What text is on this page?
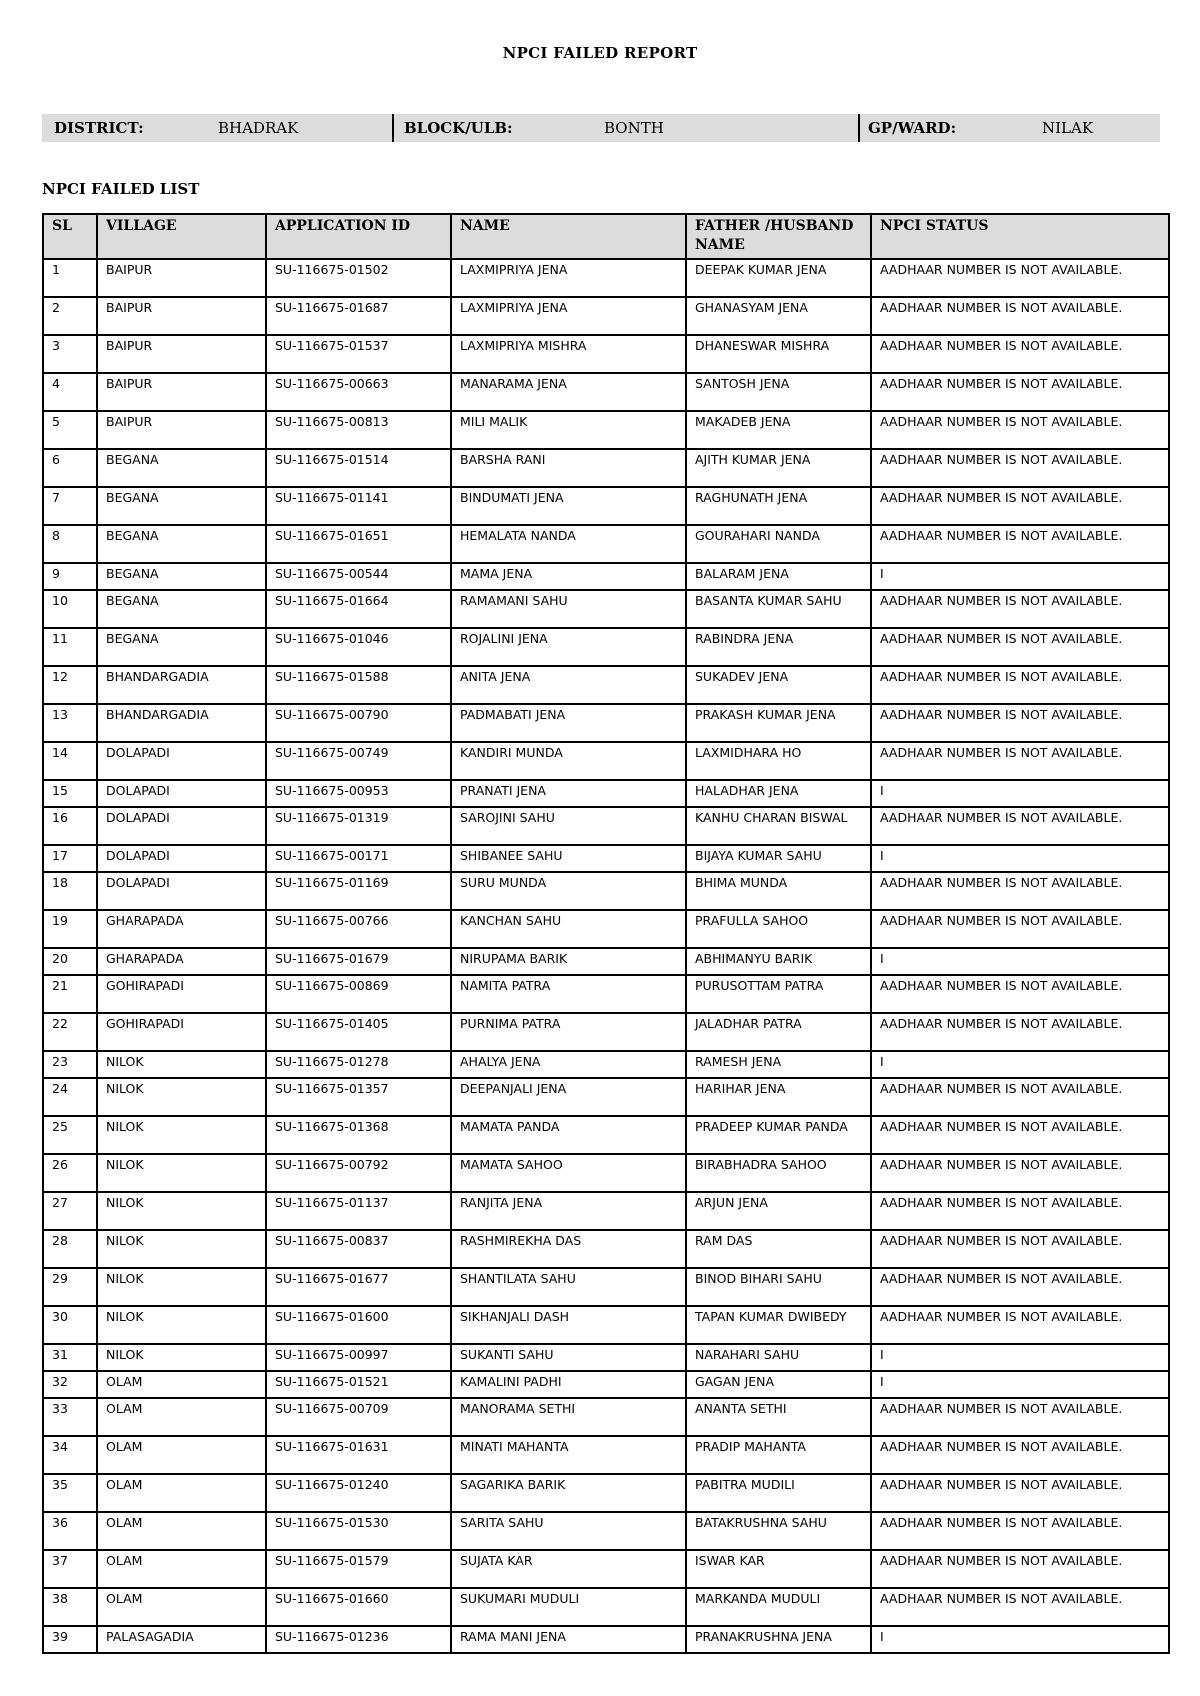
NPCI FAILED REPORT
DISTRICT:	BHADRAK	BLOCK/ULB:	BONTH	GP/WARD:	NILAK
NPCI FAILED LIST
SL	VILLAGE	APPLICATION ID	NAME	FATHER /HUSBAND NAME	NPCI STATUS
1	BAIPUR	SU-116675-01502	LAXMIPRIYA JENA	DEEPAK KUMAR JENA	AADHAAR NUMBER IS NOT AVAILABLE.
2	BAIPUR	SU-116675-01687	LAXMIPRIYA JENA	GHANASYAM JENA	AADHAAR NUMBER IS NOT AVAILABLE.
3	BAIPUR	SU-116675-01537	LAXMIPRIYA MISHRA	DHANESWAR MISHRA	AADHAAR NUMBER IS NOT AVAILABLE.
4	BAIPUR	SU-116675-00663	MANARAMA JENA	SANTOSH JENA	AADHAAR NUMBER IS NOT AVAILABLE.
5	BAIPUR	SU-116675-00813	MILI MALIK	MAKADEB JENA	AADHAAR NUMBER IS NOT AVAILABLE.
6	BEGANA	SU-116675-01514	BARSHA RANI	AJITH KUMAR JENA	AADHAAR NUMBER IS NOT AVAILABLE.
7	BEGANA	SU-116675-01141	BINDUMATI JENA	RAGHUNATH JENA	AADHAAR NUMBER IS NOT AVAILABLE.
8	BEGANA	SU-116675-01651	HEMALATA NANDA	GOURAHARI NANDA	AADHAAR NUMBER IS NOT AVAILABLE.
9	BEGANA	SU-116675-00544	MAMA JENA	BALARAM JENA	I
10	BEGANA	SU-116675-01664	RAMAMANI SAHU	BASANTA KUMAR SAHU	AADHAAR NUMBER IS NOT AVAILABLE.
11	BEGANA	SU-116675-01046	ROJALINI JENA	RABINDRA JENA	AADHAAR NUMBER IS NOT AVAILABLE.
12	BHANDARGADIA	SU-116675-01588	ANITA JENA	SUKADEV JENA	AADHAAR NUMBER IS NOT AVAILABLE.
13	BHANDARGADIA	SU-116675-00790	PADMABATI JENA	PRAKASH KUMAR JENA	AADHAAR NUMBER IS NOT AVAILABLE.
14	DOLAPADI	SU-116675-00749	KANDIRI MUNDA	LAXMIDHARA HO	AADHAAR NUMBER IS NOT AVAILABLE.
15	DOLAPADI	SU-116675-00953	PRANATI JENA	HALADHAR JENA	I
16	DOLAPADI	SU-116675-01319	SAROJINI SAHU	KANHU CHARAN BISWAL	AADHAAR NUMBER IS NOT AVAILABLE.
17	DOLAPADI	SU-116675-00171	SHIBANEE SAHU	BIJAYA KUMAR SAHU	I
18	DOLAPADI	SU-116675-01169	SURU MUNDA	BHIMA MUNDA	AADHAAR NUMBER IS NOT AVAILABLE.
19	GHARAPADA	SU-116675-00766	KANCHAN SAHU	PRAFULLA SAHOO	AADHAAR NUMBER IS NOT AVAILABLE.
20	GHARAPADA	SU-116675-01679	NIRUPAMA BARIK	ABHIMANYU BARIK	I
21	GOHIRAPADI	SU-116675-00869	NAMITA PATRA	PURUSOTTAM PATRA	AADHAAR NUMBER IS NOT AVAILABLE.
22	GOHIRAPADI	SU-116675-01405	PURNIMA PATRA	JALADHAR PATRA	AADHAAR NUMBER IS NOT AVAILABLE.
23	NILOK	SU-116675-01278	AHALYA JENA	RAMESH JENA	I
24	NILOK	SU-116675-01357	DEEPANJALI JENA	HARIHAR JENA	AADHAAR NUMBER IS NOT AVAILABLE.
25	NILOK	SU-116675-01368	MAMATA PANDA	PRADEEP KUMAR PANDA	AADHAAR NUMBER IS NOT AVAILABLE.
26	NILOK	SU-116675-00792	MAMATA SAHOO	BIRABHADRA SAHOO	AADHAAR NUMBER IS NOT AVAILABLE.
27	NILOK	SU-116675-01137	RANJITA JENA	ARJUN JENA	AADHAAR NUMBER IS NOT AVAILABLE.
28	NILOK	SU-116675-00837	RASHMIREKHA DAS	RAM DAS	AADHAAR NUMBER IS NOT AVAILABLE.
29	NILOK	SU-116675-01677	SHANTILATA SAHU	BINOD BIHARI SAHU	AADHAAR NUMBER IS NOT AVAILABLE.
30	NILOK	SU-116675-01600	SIKHANJALI DASH	TAPAN KUMAR DWIBEDY	AADHAAR NUMBER IS NOT AVAILABLE.
31	NILOK	SU-116675-00997	SUKANTI SAHU	NARAHARI SAHU	I
32	OLAM	SU-116675-01521	KAMALINI PADHI	GAGAN JENA	I
33	OLAM	SU-116675-00709	MANORAMA SETHI	ANANTA SETHI	AADHAAR NUMBER IS NOT AVAILABLE.
34	OLAM	SU-116675-01631	MINATI MAHANTA	PRADIP MAHANTA	AADHAAR NUMBER IS NOT AVAILABLE.
35	OLAM	SU-116675-01240	SAGARIKA BARIK	PABITRA MUDILI	AADHAAR NUMBER IS NOT AVAILABLE.
36	OLAM	SU-116675-01530	SARITA SAHU	BATAKRUSHNA SAHU	AADHAAR NUMBER IS NOT AVAILABLE.
37	OLAM	SU-116675-01579	SUJATA KAR	ISWAR KAR	AADHAAR NUMBER IS NOT AVAILABLE.
38	OLAM	SU-116675-01660	SUKUMARI MUDULI	MARKANDA MUDULI	AADHAAR NUMBER IS NOT AVAILABLE.
39	PALASAGADIA	SU-116675-01236	RAMA MANI JENA	PRANAKRUSHNA JENA	I
